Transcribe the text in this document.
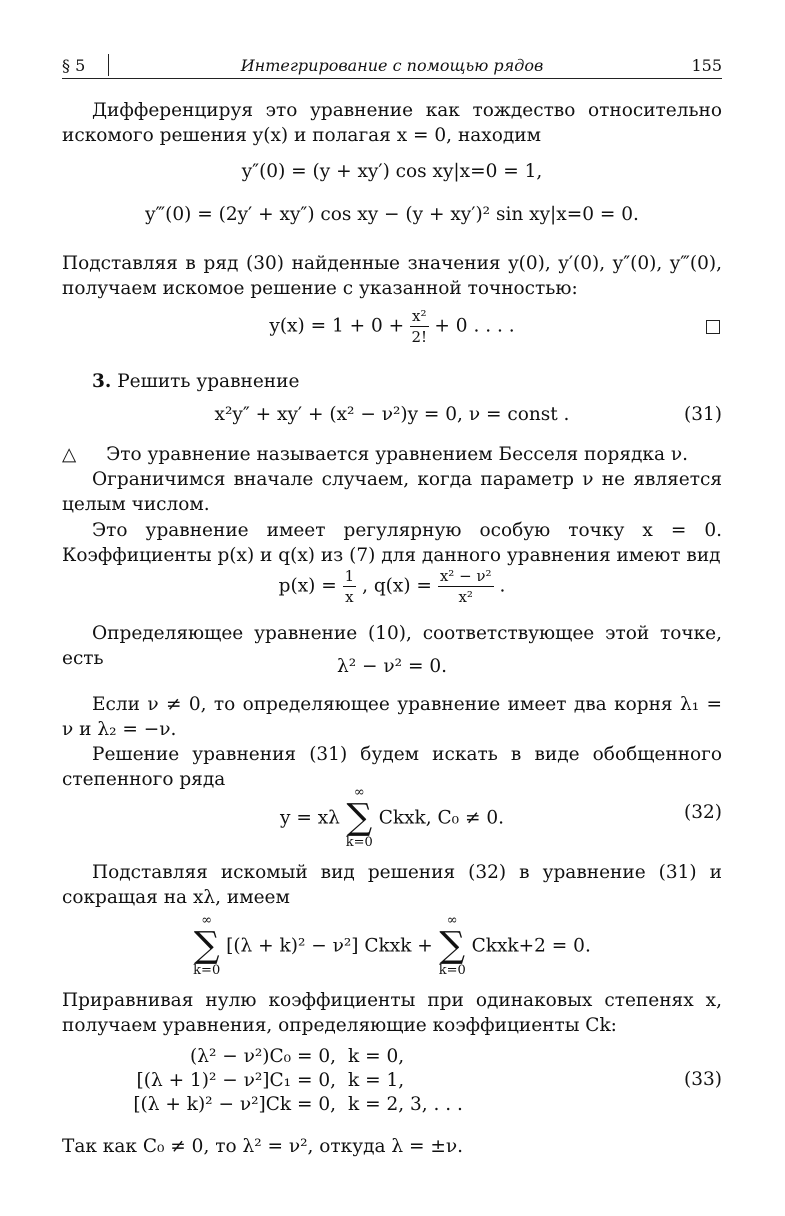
§ 5	Интегрирование с помощью рядов	155
Дифференцируя это уравнение как тождество относительно искомого решения y(x) и полагая x = 0, находим
y″(0) = (y + xy′) cos xy|x=0 = 1,
y‴(0) = (2y′ + xy″) cos xy − (y + xy′)² sin xy|x=0 = 0.
Подставляя в ряд (30) найденные значения y(0), y′(0), y″(0), y‴(0), получаем искомое решение с указанной точностью:
$y(x) = 1 + 0 + \frac{\text{x²}}{2!} + 0$ . . . .
3. Решить уравнение
x²y″ + xy′ + (x² − ν²)y = 0, ν = const .	(31)
△ Это уравнение называется уравнением Бесселя порядка ν.
Ограничимся вначале случаем, когда параметр ν не является целым числом.
Это уравнение имеет регулярную особую точку x = 0. Коэффициенты p(x) и q(x) из (7) для данного уравнения имеют вид
$p(x) = \frac{1}{x}$ , $q(x) = \frac{\text{x² − ν²}}{\text{x²}}$ .
Определяющее уравнение (10), соответствующее этой точке, есть	λ² − ν² = 0.
Если ν ≠ 0, то определяющее уравнение имеет два корня λ₁ = ν и λ₂ = −ν.
Решение уравнения (31) будем искать в виде обобщенного степенного ряда
y = xλ
∞
∑
k=0
Ckxk, C₀ ≠ 0.	(32)
Подставляя искомый вид решения (32) в уравнение (31) и сокращая на xλ, имеем
∞
∑
k=0
[(λ + k)² − ν²] Ckxk +
∞
∑
k=0
Ckxk+2 = 0.
Приравнивая нулю коэффициенты при одинаковых степенях x, получаем уравнения, определяющие коэффициенты Ck:
(λ² − ν²)C₀ = 0, k = 0,
[(λ + 1)² − ν²]C₁ = 0, k = 1,
[(λ + k)² − ν²]Ck = 0, k = 2, 3, . . .
(33)
Так как C₀ ≠ 0, то λ² = ν², откуда λ = ±ν.
